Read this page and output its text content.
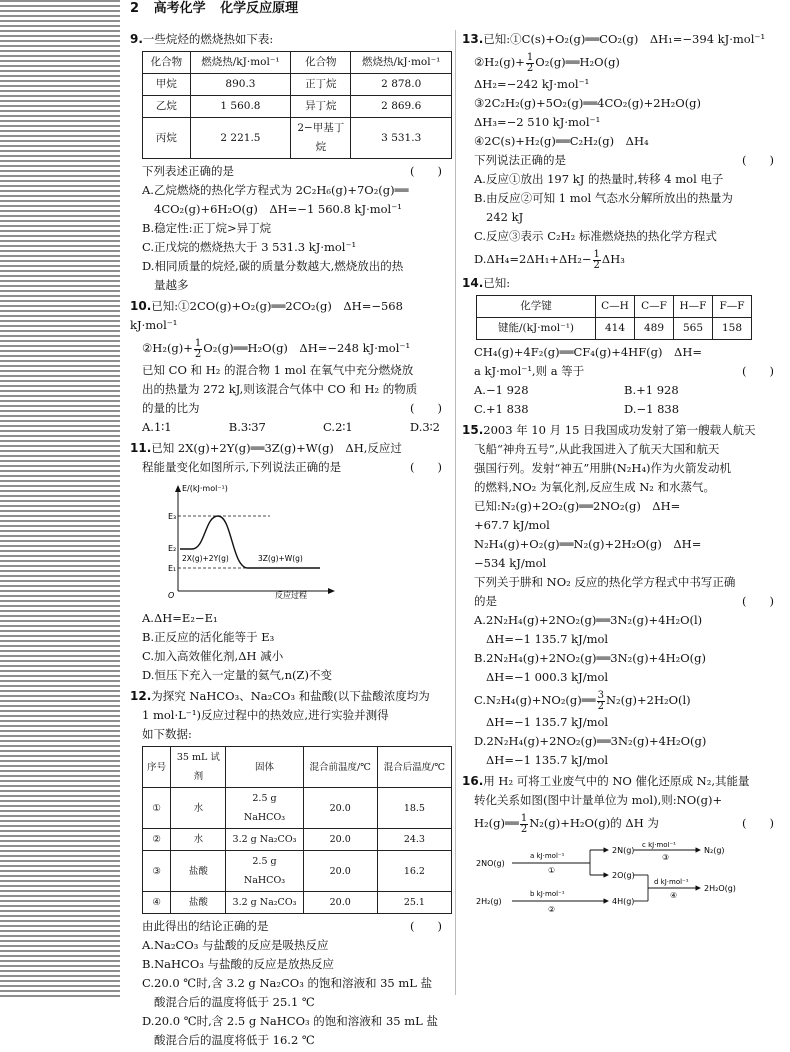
2 高考化学 化学反应原理
9.一些烷烃的燃烧热如下表:
化合物	燃烧热/kJ·mol⁻¹	化合物	燃烧热/kJ·mol⁻¹
甲烷	890.3	正丁烷	2 878.0
乙烷	1 560.8	异丁烷	2 869.6
丙烷	2 221.5	2−甲基丁烷	3 531.3
下列表述正确的是	(　　)
A.乙烷燃烧的热化学方程式为 2C₂H₆(g)+7O₂(g)══
4CO₂(g)+6H₂O(g)　ΔH=−1 560.8 kJ·mol⁻¹
B.稳定性:正丁烷>异丁烷
C.正戊烷的燃烧热大于 3 531.3 kJ·mol⁻¹
D.相同质量的烷烃,碳的质量分数越大,燃烧放出的热
量越多
10.已知:①2CO(g)+O₂(g)══2CO₂(g)　ΔH=−568 kJ·mol⁻¹
②H₂(g)+ $\frac{1}{2}$ O₂(g)══H₂O(g)　ΔH=−248 kJ·mol⁻¹
已知 CO 和 H₂ 的混合物 1 mol 在氧气中充分燃烧放
出的热量为 272 kJ,则该混合气体中 CO 和 H₂ 的物质
的量的比为	(　　)
A.1∶1	B.3∶37	C.2∶1	D.3∶2
11.已知 2X(g)+2Y(g)══3Z(g)+W(g)　ΔH,反应过
程能量变化如图所示,下列说法正确的是	(　　)
E/(kJ·mol⁻¹)
反应过程
O
E₃
E₂
E₁
2X(g)+2Y(g)	3Z(g)+W(g)
A.ΔH=E₂−E₁
B.正反应的活化能等于 E₃
C.加入高效催化剂,ΔH 减小
D.恒压下充入一定量的氦气,n(Z)不变
12.为探究 NaHCO₃、Na₂CO₃ 和盐酸(以下盐酸浓度均为
1 mol·L⁻¹)反应过程中的热效应,进行实验并测得
如下数据:
序号	35 mL 试剂	固体	混合前温度/℃	混合后温度/℃
①	水	2.5 g NaHCO₃	20.0	18.5
②	水	3.2 g Na₂CO₃	20.0	24.3
③	盐酸	2.5 g NaHCO₃	20.0	16.2
④	盐酸	3.2 g Na₂CO₃	20.0	25.1
由此得出的结论正确的是	(　　)
A.Na₂CO₃ 与盐酸的反应是吸热反应
B.NaHCO₃ 与盐酸的反应是放热反应
C.20.0 ℃时,含 3.2 g Na₂CO₃ 的饱和溶液和 35 mL 盐
酸混合后的温度将低于 25.1 ℃
D.20.0 ℃时,含 2.5 g NaHCO₃ 的饱和溶液和 35 mL 盐
酸混合后的温度将低于 16.2 ℃
13.已知:①C(s)+O₂(g)══CO₂(g)　ΔH₁=−394 kJ·mol⁻¹
②H₂(g)+ $\frac{1}{2}$ O₂(g)══H₂O(g)
ΔH₂=−242 kJ·mol⁻¹
③2C₂H₂(g)+5O₂(g)══4CO₂(g)+2H₂O(g)
ΔH₃=−2 510 kJ·mol⁻¹
④2C(s)+H₂(g)══C₂H₂(g)　ΔH₄
下列说法正确的是	(　　)
A.反应①放出 197 kJ 的热量时,转移 4 mol 电子
B.由反应②可知 1 mol 气态水分解所放出的热量为
242 kJ
C.反应③表示 C₂H₂ 标准燃烧热的热化学方程式
$D.\Delta H_4=2\Delta H_1+\Delta H_2- \frac{1}{2} \Delta H_3$
14.已知:
化学键	C—H	C—F	H—F	F—F
键能/(kJ·mol⁻¹)	414	489	565	158
CH₄(g)+4F₂(g)══CF₄(g)+4HF(g)　ΔH=
a kJ·mol⁻¹,则 a 等于	(　　)
A.−1 928	B.+1 928
C.+1 838	D.−1 838
15.2003 年 10 月 15 日我国成功发射了第一艘载人航天
飞船“神舟五号”,从此我国进入了航天大国和航天
强国行列。发射“神五”用肼(N₂H₄)作为火箭发动机
的燃料,NO₂ 为氧化剂,反应生成 N₂ 和水蒸气。
已知:N₂(g)+2O₂(g)══2NO₂(g)　ΔH=
+67.7 kJ/mol
N₂H₄(g)+O₂(g)══N₂(g)+2H₂O(g)　ΔH=
−534 kJ/mol
下列关于肼和 NO₂ 反应的热化学方程式中书写正确
的是	(　　)
A.2N₂H₄(g)+2NO₂(g)══3N₂(g)+4H₂O(l)
ΔH=−1 135.7 kJ/mol
B.2N₂H₄(g)+2NO₂(g)══3N₂(g)+4H₂O(g)
ΔH=−1 000.3 kJ/mol
C.N₂H₄(g)+NO₂(g)══ $\frac{3}{2} N_2(g)+2H_2O(l)$
ΔH=−1 135.7 kJ/mol
D.2N₂H₄(g)+2NO₂(g)══3N₂(g)+4H₂O(g)
ΔH=−1 135.7 kJ/mol
16.用 H₂ 可将工业废气中的 NO 催化还原成 N₂,其能量
转化关系如图(图中计量单位为 mol),则:NO(g)+
H₂(g)══ $\frac{1}{2} N_2(g)+H_2O(g)$的 ΔH 为	(　　)
2NO(g)
a kJ·mol⁻¹
①
2N(g)
c kJ·mol⁻¹
③
N₂(g)
2O(g)
2H₂(g)
b kJ·mol⁻¹
②
4H(g)
d kJ·mol⁻¹
④
2H₂O(g)
